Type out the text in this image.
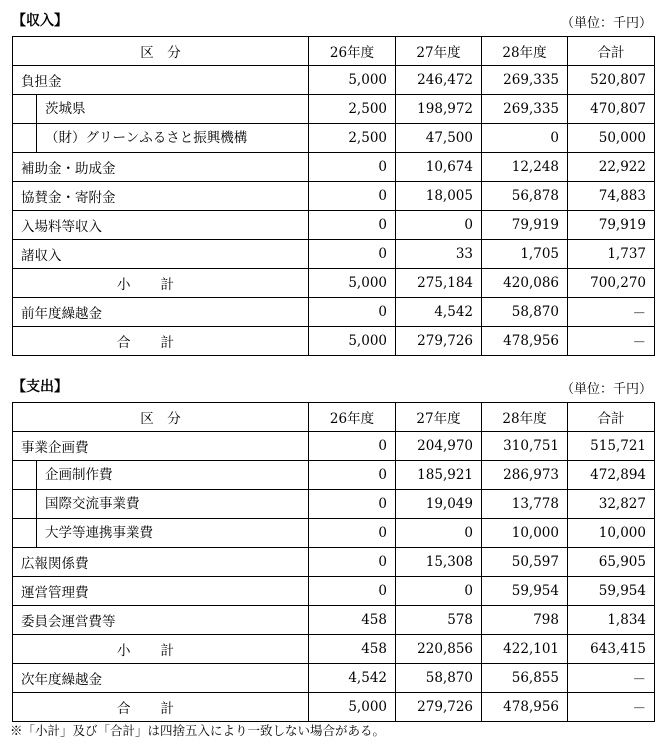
【収入】	（単位：千円）
区　分	26年度	27年度	28年度	合計
負担金	5,000	246,472	269,335	520,807
茨城県	2,500	198,972	269,335	470,807
（財）グリーンふるさと振興機構	2,500	47,500	0	50,000
補助金・助成金	0	10,674	12,248	22,922
協賛金・寄附金	0	18,005	56,878	74,883
入場料等収入	0	0	79,919	79,919
諸収入	0	33	1,705	1,737
小計	5,000	275,184	420,086	700,270
前年度繰越金	0	4,542	58,870	－
合計	5,000	279,726	478,956	－
【支出】	（単位：千円）
区　分	26年度	27年度	28年度	合計
事業企画費	0	204,970	310,751	515,721
企画制作費	0	185,921	286,973	472,894
国際交流事業費	0	19,049	13,778	32,827
大学等連携事業費	0	0	10,000	10,000
広報関係費	0	15,308	50,597	65,905
運営管理費	0	0	59,954	59,954
委員会運営費等	458	578	798	1,834
小計	458	220,856	422,101	643,415
次年度繰越金	4,542	58,870	56,855	－
合計	5,000	279,726	478,956	－
※「小計」及び「合計」は四捨五入により一致しない場合がある。
